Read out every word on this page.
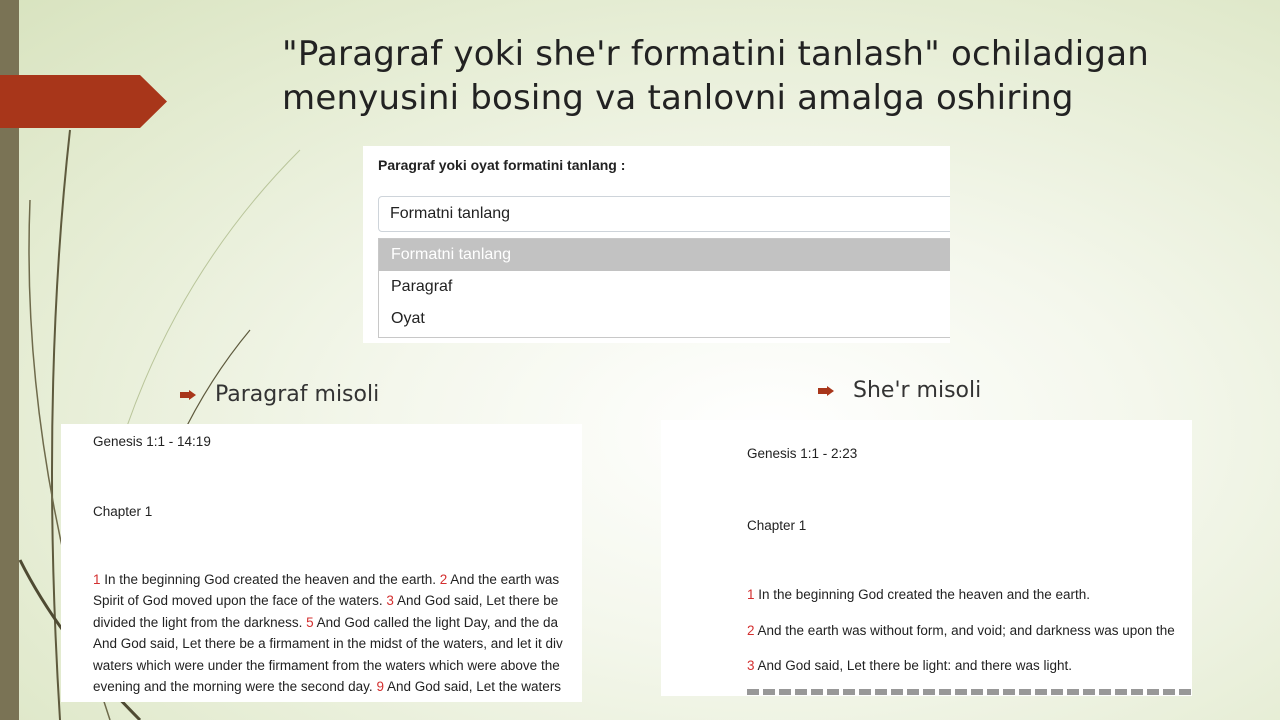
"Paragraf yoki she'r formatini tanlash" ochiladigan
menyusini bosing va tanlovni amalga oshiring
Paragraf yoki oyat formatini tanlang :
Formatni tanlang
Formatni tanlang
Paragraf
Oyat
Paragraf misoli	She'r misoli
Genesis 1:1 - 14:19
Chapter 1
1 In the beginning God created the heaven and the earth. 2 And the earth was
Spirit of God moved upon the face of the waters. 3 And God said, Let there be
divided the light from the darkness. 5 And God called the light Day, and the da
And God said, Let there be a firmament in the midst of the waters, and let it div
waters which were under the firmament from the waters which were above the
evening and the morning were the second day. 9 And God said, Let the waters
Genesis 1:1 - 2:23
Chapter 1
1 In the beginning God created the heaven and the earth.
2 And the earth was without form, and void; and darkness was upon the
3 And God said, Let there be light: and there was light.
